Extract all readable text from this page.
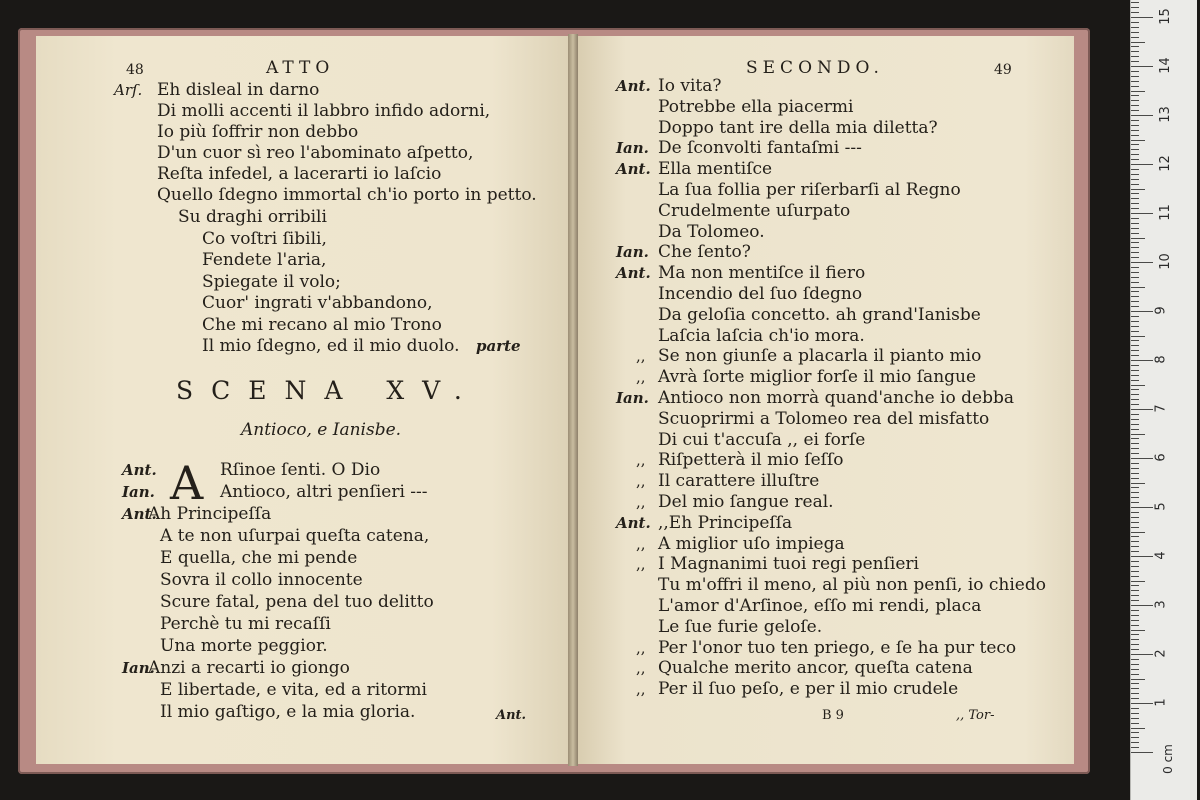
48	ATTO
Arſ. Eh disleal in darno
Di molli accenti il labbro infido adorni,
Io più ſoffrir non debbo
D'un cuor sì reo l'abominato aſpetto,
Reſta infedel, a lacerarti io laſcio
Quello ſdegno immortal ch'io porto in petto.
Su draghi orribili
Co voſtri ſibili,
Fendete l'aria,
Spiegate il volo;
Cuor' ingrati v'abbandono,
Che mi recano al mio Trono
Il mio ſdegno, ed il mio duolo. parte
SCENA XV.
Antioco, e Ianisbe.
A
Ant.	Rſinoe ſenti. O Dio
Ian.	Antioco, altri penſieri ---
Ant.
Ah Principeſſa
A te non uſurpai queſta catena,
E quella, che mi pende
Sovra il collo innocente
Scure fatal, pena del tuo delitto
Perchè tu mi recaſſi
Una morte peggior.
Ian.
Anzi a recarti io giongo
E libertade, e vita, ed a ritormi
Il mio gaſtigo, e la mia gloria.	Ant.
SECONDO.	49
Ant. Io vita?
Potrebbe ella piacermi
Doppo tant ire della mia diletta?
Ian. De ſconvolti fantaſmi ---
Ant. Ella mentiſce
La ſua follia per riſerbarſi al Regno
Crudelmente uſurpato
Da Tolomeo.
Ian. Che ſento?
Ant. Ma non mentiſce il fiero
Incendio del ſuo ſdegno
Da geloſia concetto. ah grand'Ianisbe
Laſcia laſcia ch'io mora.
,, Se non giunſe a placarla il pianto mio
,, Avrà ſorte miglior forſe il mio ſangue
Ian. Antioco non morrà quand'anche io debba
Scuoprirmi a Tolomeo rea del misfatto
Di cui t'accuſa ,, ei forſe
,, Riſpetterà il mio ſeſſo
,, Il carattere illuſtre
,, Del mio ſangue real.
Ant. ,,Eh Principeſſa
,, A miglior uſo impiega
,, I Magnanimi tuoi regi penſieri
Tu m'offri il meno, al più non penſi, io chiedo
L'amor d'Arſinoe, eſſo mi rendi, placa
Le ſue furie geloſe.
,, Per l'onor tuo ten priego, e ſe ha pur teco
,, Qualche merito ancor, queſta catena
,, Per il ſuo peſo, e per il mio crudele
B 9	,, Tor-
0 cm
1
2
3
4
5
6
7
8
9
10
11
12
13
14
15
